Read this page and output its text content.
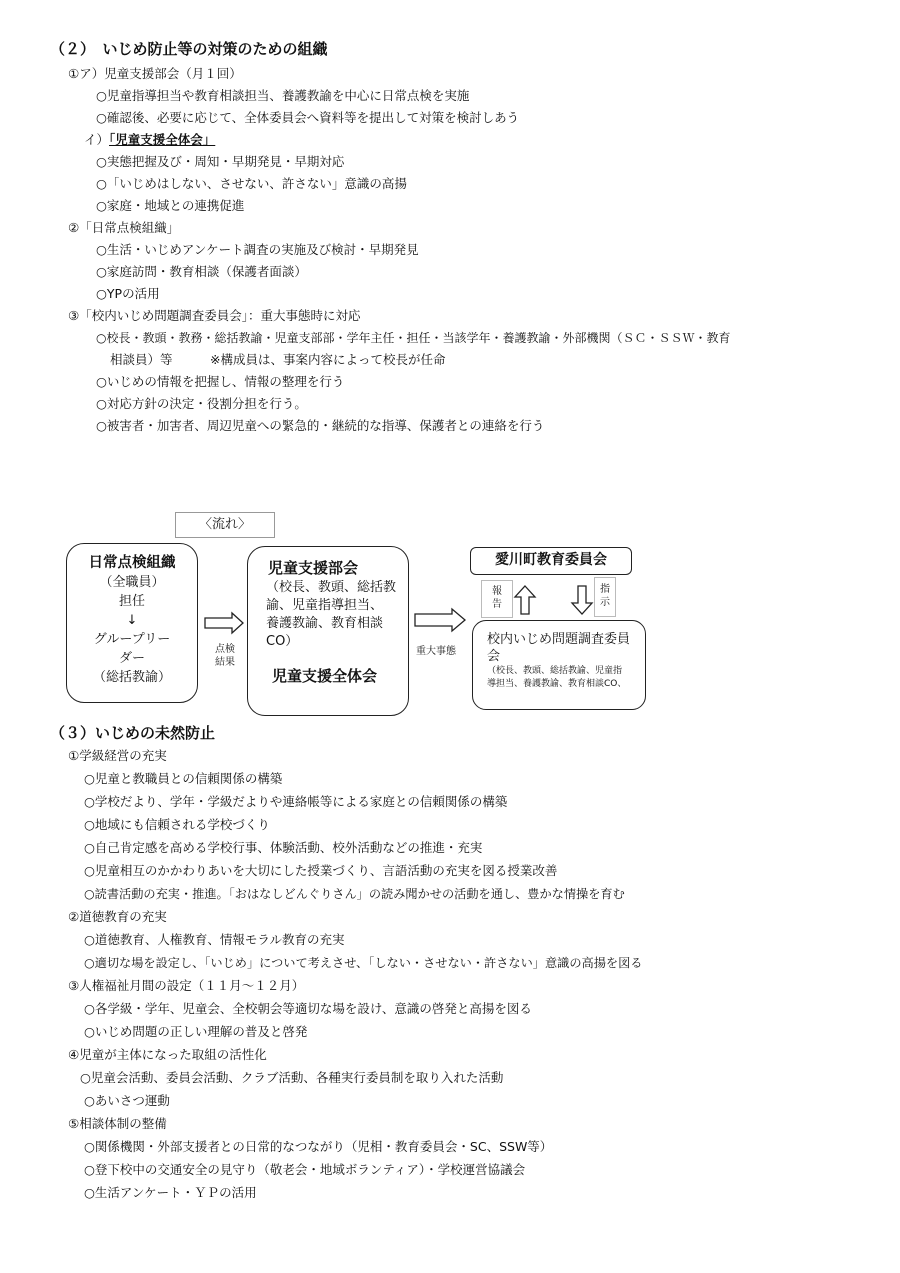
（２）　いじめ防止等の対策のための組織
①ア）児童支援部会（月１回）
○児童指導担当や教育相談担当、養護教諭を中心に日常点検を実施
○確認後、必要に応じて、全体委員会へ資料等を提出して対策を検討しあう
イ）「児童支援全体会」
○実態把握及び・周知・早期発見・早期対応
○「いじめはしない、させない、許さない」意識の高揚
○家庭・地域との連携促進
②「日常点検組織」
○生活・いじめアンケート調査の実施及び検討・早期発見
○家庭訪問・教育相談（保護者面談）
○YPの活用
③「校内いじめ問題調査委員会」：重大事態時に対応
○校長・教頭・教務・総括教諭・児童支部部・学年主任・担任・当該学年・養護教諭・外部機関（ＳＣ・ＳＳＷ・教育
相談員）等　　　※構成員は、事案内容によって校長が任命
○いじめの情報を把握し、情報の整理を行う
○対応方針の決定・役割分担を行う。
○被害者・加害者、周辺児童への緊急的・継続的な指導、保護者との連絡を行う
〈流れ〉
日常点検組織
（全職員）
担任
↓
グループリー
ダー
（総括教諭）
点検
結果
児童支援部会
（校長、教頭、総括教
諭、児童指導担当、
養護教諭、教育相談
CO）
児童支援全体会
重大事態
愛川町教育委員会
報
告
指
示
校内いじめ問題調査委員
会
（校長、教頭、総括教諭、児童指
導担当、養護教諭、教育相談CO、
（３）いじめの未然防止
①学級経営の充実
○児童と教職員との信頼関係の構築
○学校だより、学年・学級だよりや連絡帳等による家庭との信頼関係の構築
○地域にも信頼される学校づくり
○自己肯定感を高める学校行事、体験活動、校外活動などの推進・充実
○児童相互のかかわりあいを大切にした授業づくり、言語活動の充実を図る授業改善
○読書活動の充実・推進。「おはなしどんぐりさん」の読み聞かせの活動を通し、豊かな情操を育む
②道徳教育の充実
○道徳教育、人権教育、情報モラル教育の充実
○適切な場を設定し、「いじめ」について考えさせ、「しない・させない・許さない」意識の高揚を図る
③人権福祉月間の設定（１１月～１２月）
○各学級・学年、児童会、全校朝会等適切な場を設け、意識の啓発と高揚を図る
○いじめ問題の正しい理解の普及と啓発
④児童が主体になった取組の活性化
○児童会活動、委員会活動、クラブ活動、各種実行委員制を取り入れた活動
○あいさつ運動
⑤相談体制の整備
○関係機関・外部支援者との日常的なつながり（児相・教育委員会・SC、SSW等）
○登下校中の交通安全の見守り（敬老会・地域ボランティア）・学校運営協議会
○生活アンケート・ＹＰの活用
